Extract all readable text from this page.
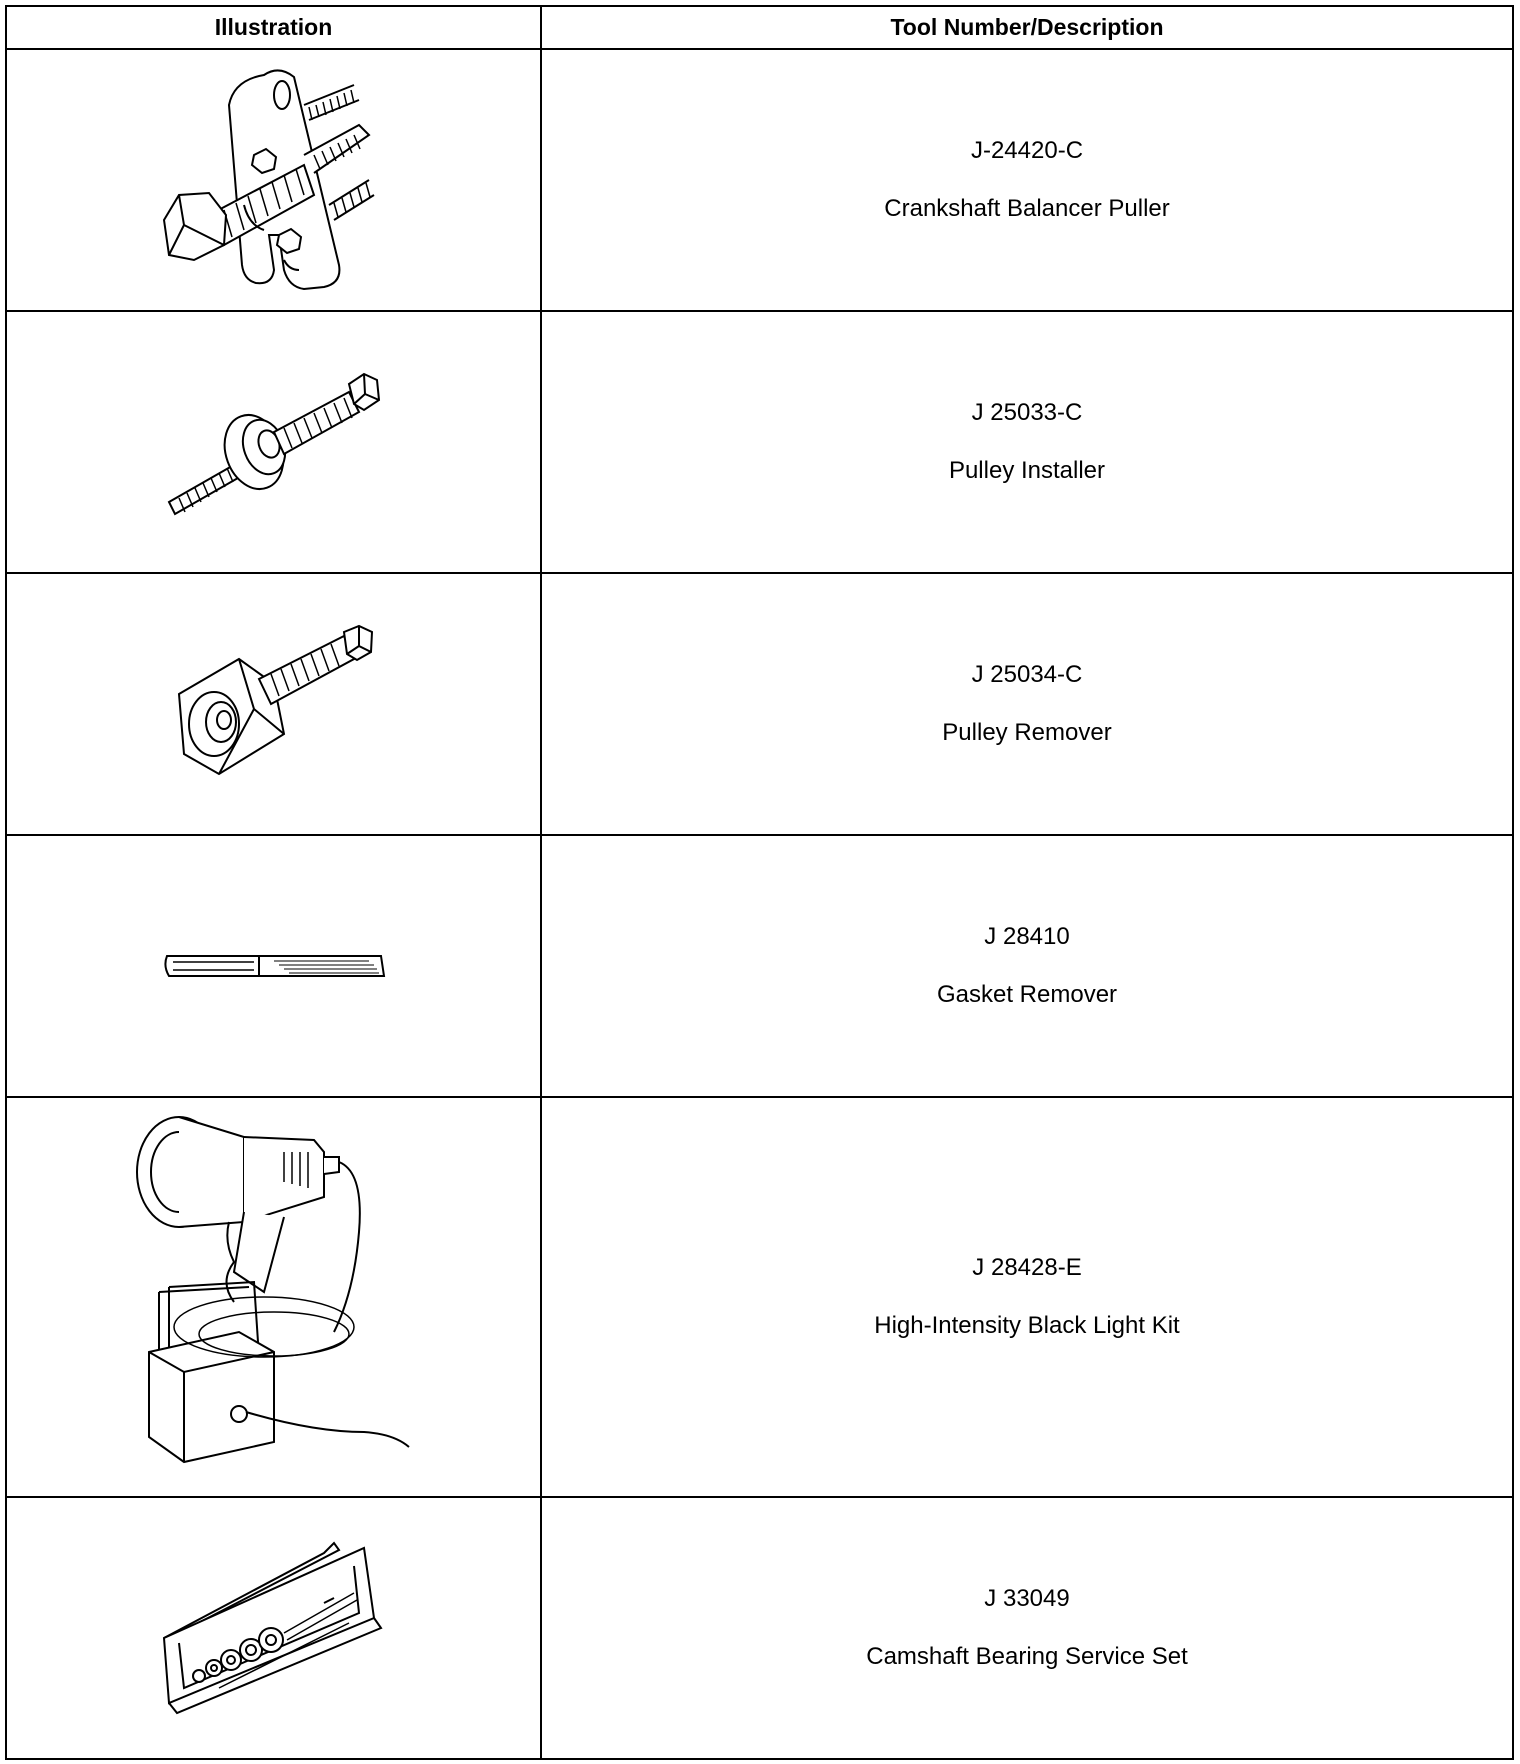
Illustration	Tool Number/Description

J-24420-C
Crankshaft Balancer Puller

J 25033-C
Pulley Installer

J 25034-C
Pulley Remover

J 28410
Gasket Remover

J 28428-E
High-Intensity Black Light Kit

J 33049
Camshaft Bearing Service Set
